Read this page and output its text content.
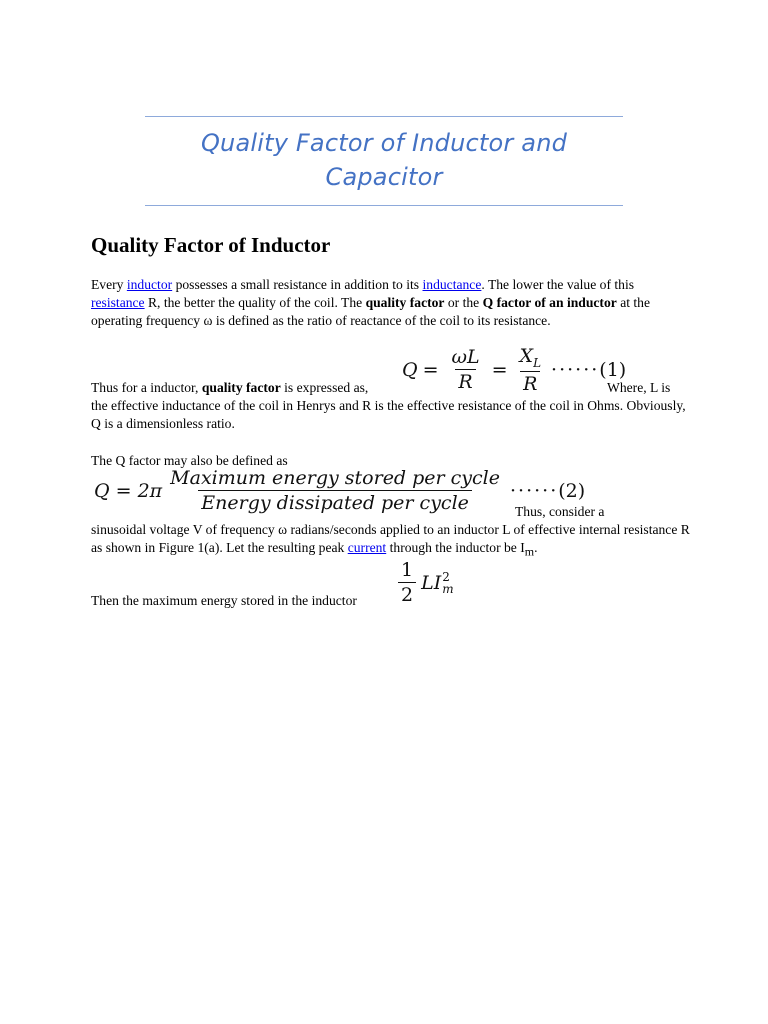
Quality Factor of Inductor and Capacitor
Quality Factor of Inductor
Every inductor possesses a small resistance in addition to its inductance. The lower the value of this resistance R, the better the quality of the coil. The quality factor or the Q factor of an inductor at the operating frequency ω is defined as the ratio of reactance of the coil to its resistance.
$Q = \frac{\omega L}{R} = \frac{X_L}{R}$ ······ (1)
Thus for a inductor, quality factor is expressed as,	Where, L is
the effective inductance of the coil in Henrys and R is the effective resistance of the coil in Ohms. Obviously, Q is a dimensionless ratio.
The Q factor may also be defined as
$Q = 2\pi \frac{\text{Maximum energy stored per cycle}}{\text{Energy dissipated per cycle}}$ ······ (2)
Thus, consider a
sinusoidal voltage V of frequency ω radians/seconds applied to an inductor L of effective internal resistance R as shown in Figure 1(a). Let the resulting peak current through the inductor be $I_m$.
Then the maximum energy stored in the inductor	$\frac{1}{2}$ LI 2
m
